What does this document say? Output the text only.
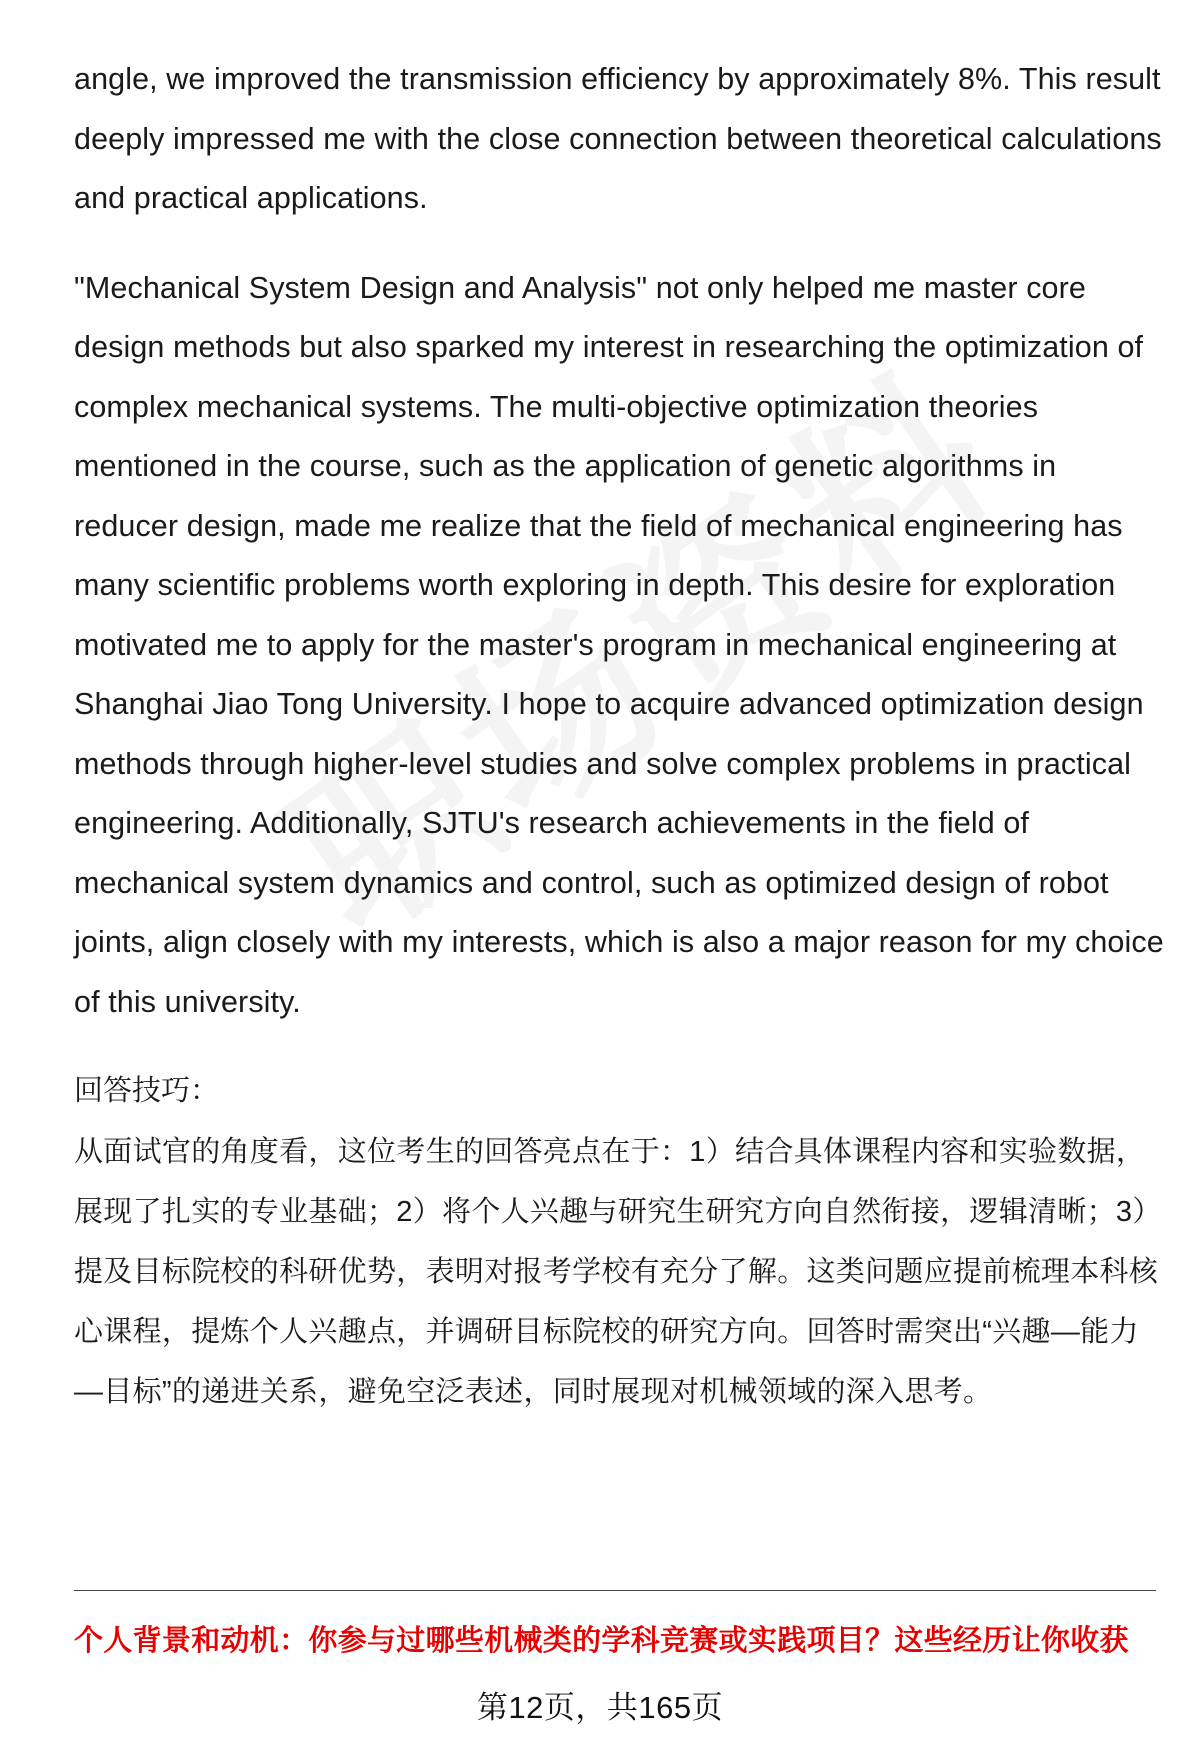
angle, we improved the transmission efficiency by approximately 8%. This result deeply impressed me with the close connection between theoretical calculations and practical applications.

"Mechanical System Design and Analysis" not only helped me master core design methods but also sparked my interest in researching the optimization of complex mechanical systems. The multi-objective optimization theories mentioned in the course, such as the application of genetic algorithms in reducer design, made me realize that the field of mechanical engineering has many scientific problems worth exploring in depth. This desire for exploration motivated me to apply for the master's program in mechanical engineering at Shanghai Jiao Tong University. I hope to acquire advanced optimization design methods through higher-level studies and solve complex problems in practical engineering. Additionally, SJTU's research achievements in the field of mechanical system dynamics and control, such as optimized design of robot joints, align closely with my interests, which is also a major reason for my choice of this university.

回答技巧：

从面试官的角度看，这位考生的回答亮点在于：1）结合具体课程内容和实验数据，展现了扎实的专业基础；2）将个人兴趣与研究生研究方向自然衔接，逻辑清晰；3）提及目标院校的科研优势，表明对报考学校有充分了解。这类问题应提前梳理本科核心课程，提炼个人兴趣点，并调研目标院校的研究方向。回答时需突出“兴趣—能力—目标”的递进关系，避免空泛表述，同时展现对机械领域的深入思考。

个人背景和动机：你参与过哪些机械类的学科竞赛或实践项目？这些经历让你收获
第12页，共165页
